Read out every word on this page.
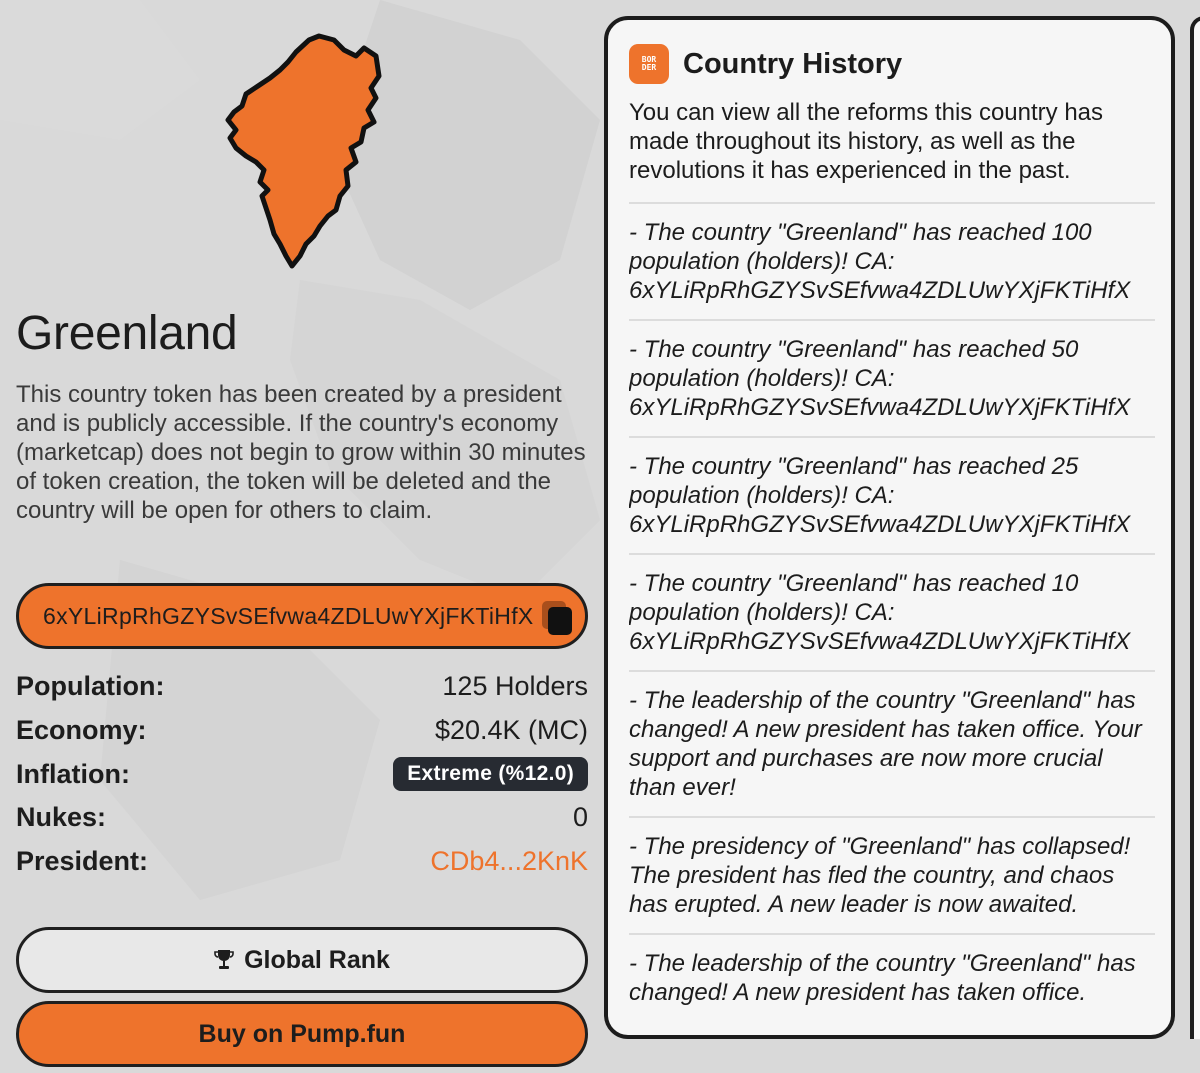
Greenland
This country token has been created by a president and is publicly accessible. If the country's economy (marketcap) does not begin to grow within 30 minutes of token creation, the token will be deleted and the country will be open for others to claim.
6xYLiRpRhGZYSvSEfvwa4ZDLUwYXjFKTiHfX
Population:	125 Holders
Economy:	$20.4K (MC)
Inflation:	Extreme (%12.0)
Nukes:	0
President:	CDb4...2KnK
Global Rank
Buy on Pump.fun
BOR
DER Country History
You can view all the reforms this country has made throughout its history, as well as the revolutions it has experienced in the past.
- The country "Greenland" has reached 100 population (holders)! CA:
6xYLiRpRhGZYSvSEfvwa4ZDLUwYXjFKTiHfX
- The country "Greenland" has reached 50 population (holders)! CA:
6xYLiRpRhGZYSvSEfvwa4ZDLUwYXjFKTiHfX
- The country "Greenland" has reached 25 population (holders)! CA:
6xYLiRpRhGZYSvSEfvwa4ZDLUwYXjFKTiHfX
- The country "Greenland" has reached 10 population (holders)! CA:
6xYLiRpRhGZYSvSEfvwa4ZDLUwYXjFKTiHfX
- The leadership of the country "Greenland" has changed! A new president has taken office. Your support and purchases are now more crucial than ever!
- The presidency of "Greenland" has collapsed! The president has fled the country, and chaos has erupted. A new leader is now awaited.
- The leadership of the country "Greenland" has changed! A new president has taken office.
